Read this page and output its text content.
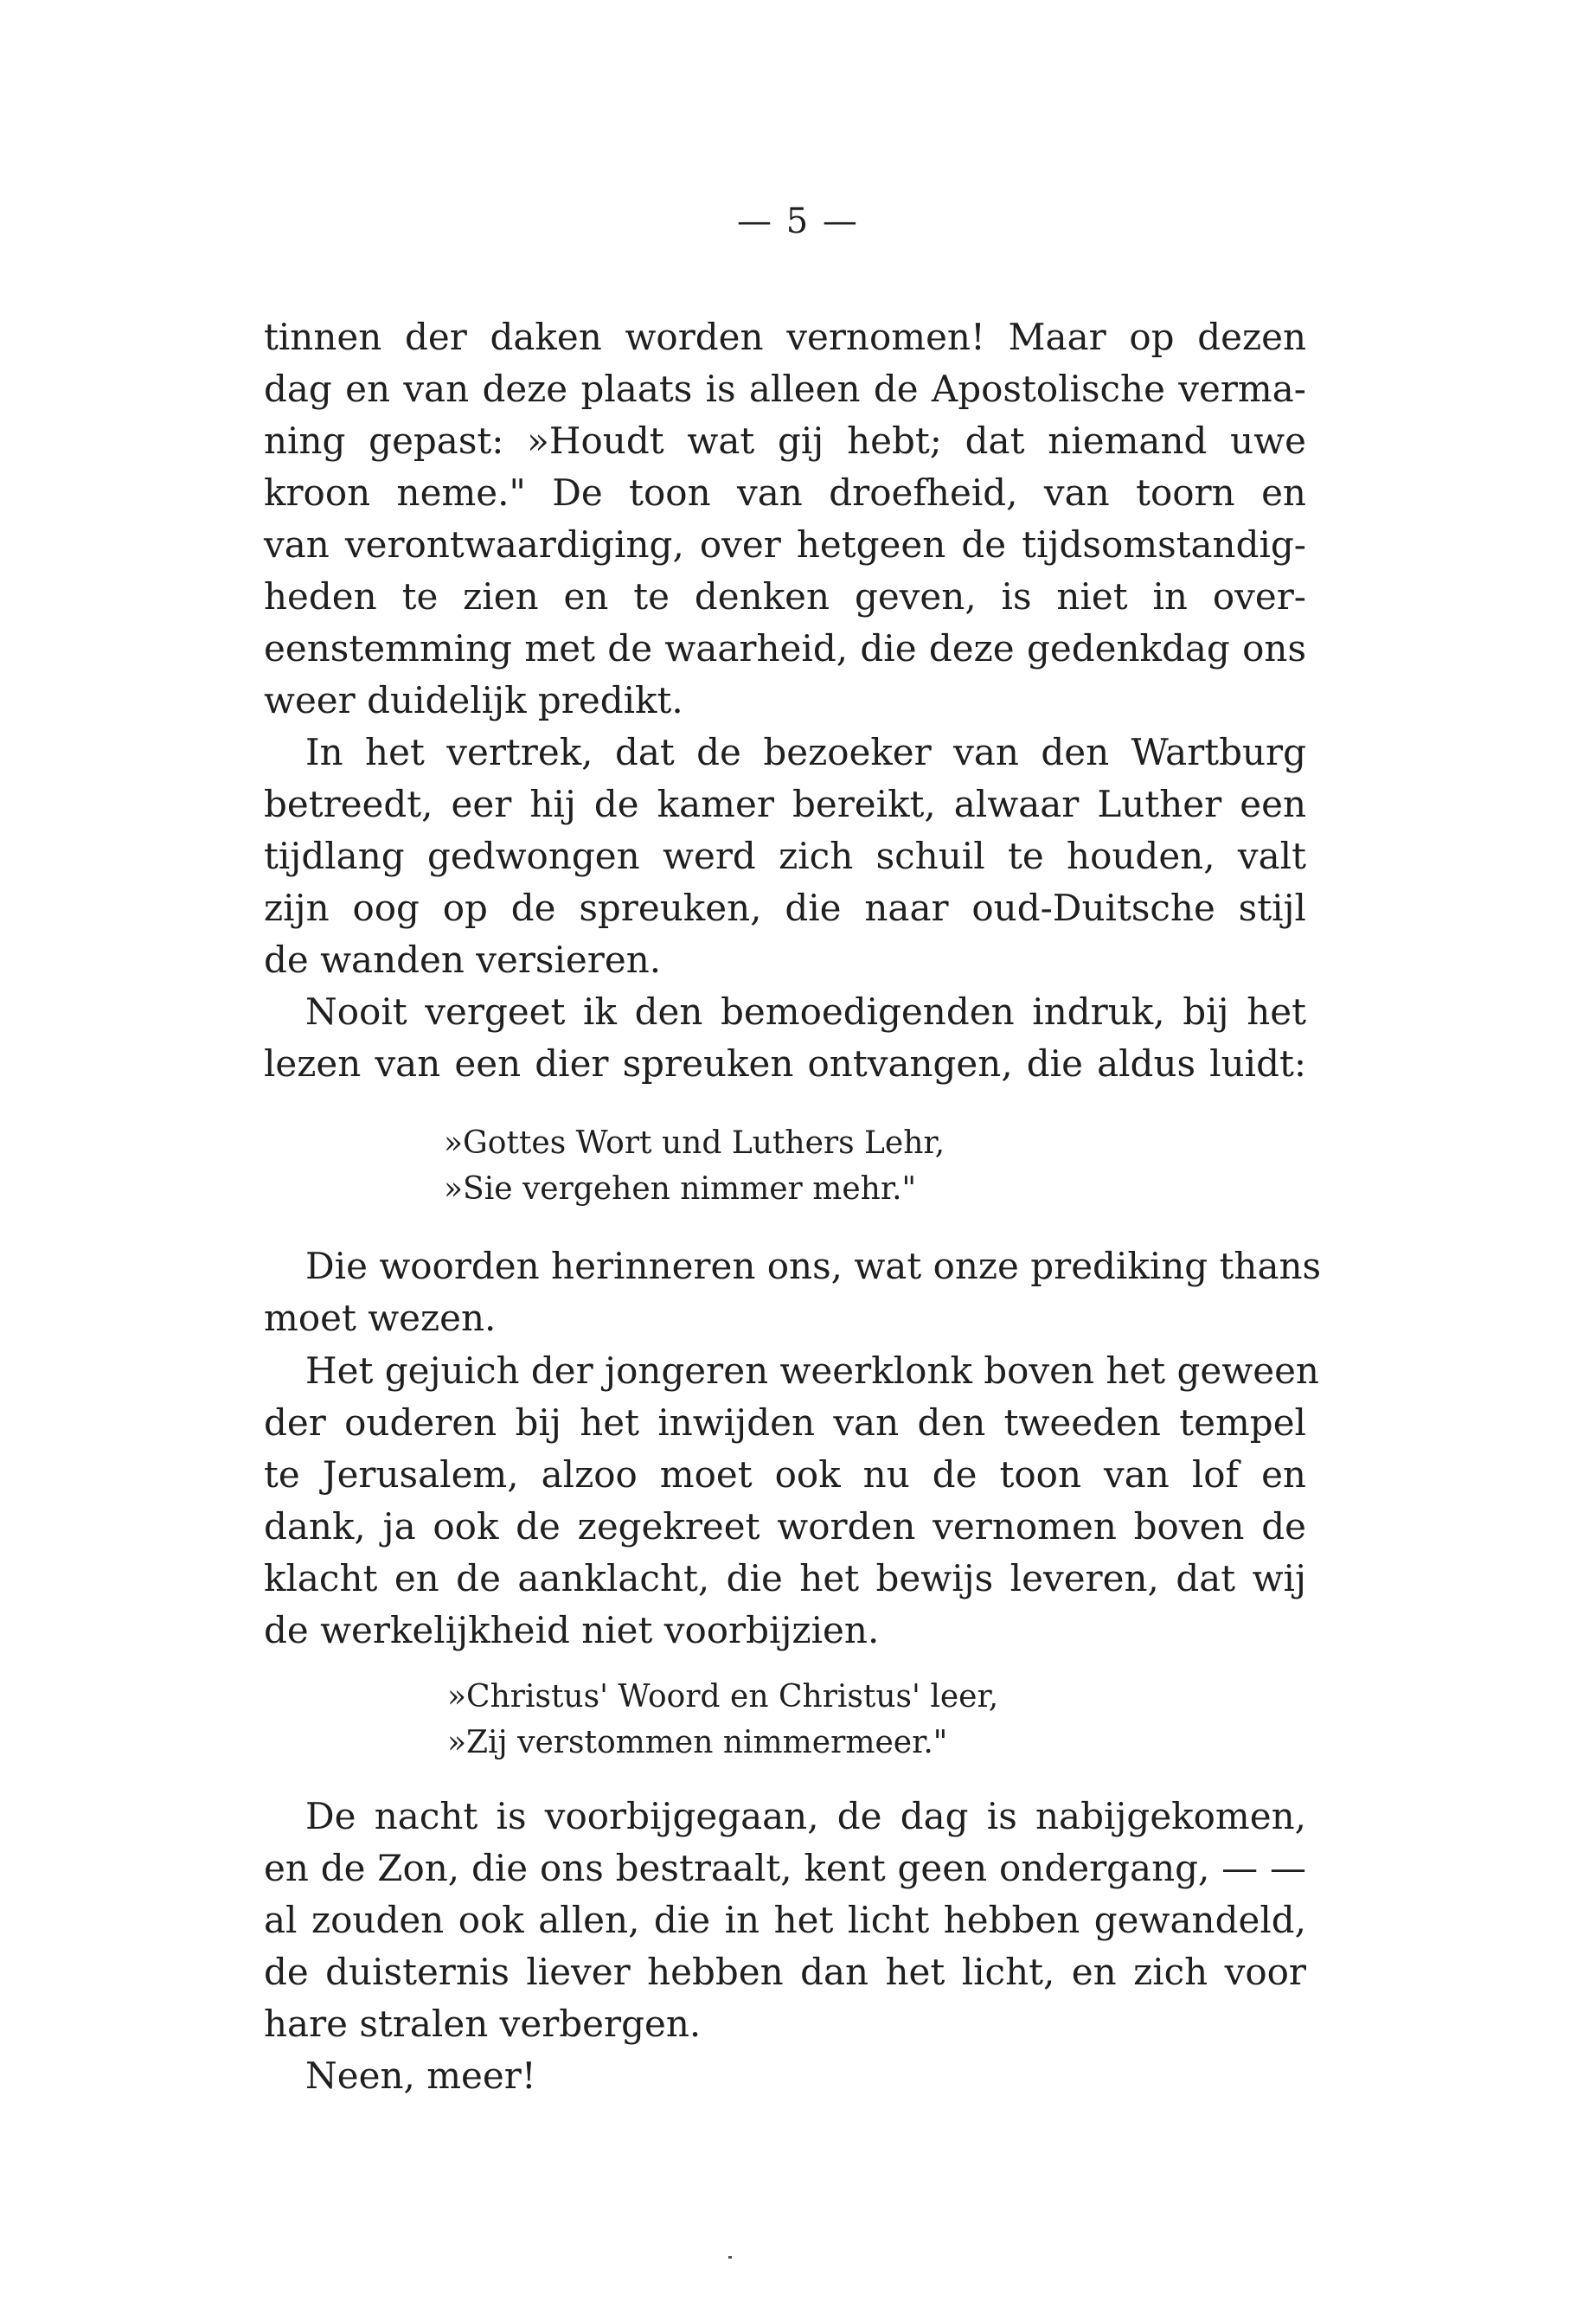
— 5 —
tinnen der daken worden vernomen! Maar op dezen
dag en van deze plaats is alleen de Apostolische verma-
ning gepast: »Houdt wat gij hebt; dat niemand uwe
kroon neme." De toon van droefheid, van toorn en
van verontwaardiging, over hetgeen de tijdsomstandig-
heden te zien en te denken geven, is niet in over-
eenstemming met de waarheid, die deze gedenkdag ons
weer duidelijk predikt.
In het vertrek, dat de bezoeker van den Wartburg
betreedt, eer hij de kamer bereikt, alwaar Luther een
tijdlang gedwongen werd zich schuil te houden, valt
zijn oog op de spreuken, die naar oud-Duitsche stijl
de wanden versieren.
Nooit vergeet ik den bemoedigenden indruk, bij het
lezen van een dier spreuken ontvangen, die aldus luidt:
»Gottes Wort und Luthers Lehr,
»Sie vergehen nimmer mehr."
Die woorden herinneren ons, wat onze prediking thans
moet wezen.
Het gejuich der jongeren weerklonk boven het geween
der ouderen bij het inwijden van den tweeden tempel
te Jerusalem, alzoo moet ook nu de toon van lof en
dank, ja ook de zegekreet worden vernomen boven de
klacht en de aanklacht, die het bewijs leveren, dat wij
de werkelijkheid niet voorbijzien.
»Christus' Woord en Christus' leer,
»Zij verstommen nimmermeer."
De nacht is voorbijgegaan, de dag is nabijgekomen,
en de Zon, die ons bestraalt, kent geen ondergang, — —
al zouden ook allen, die in het licht hebben gewandeld,
de duisternis liever hebben dan het licht, en zich voor
hare stralen verbergen.
Neen, meer!
